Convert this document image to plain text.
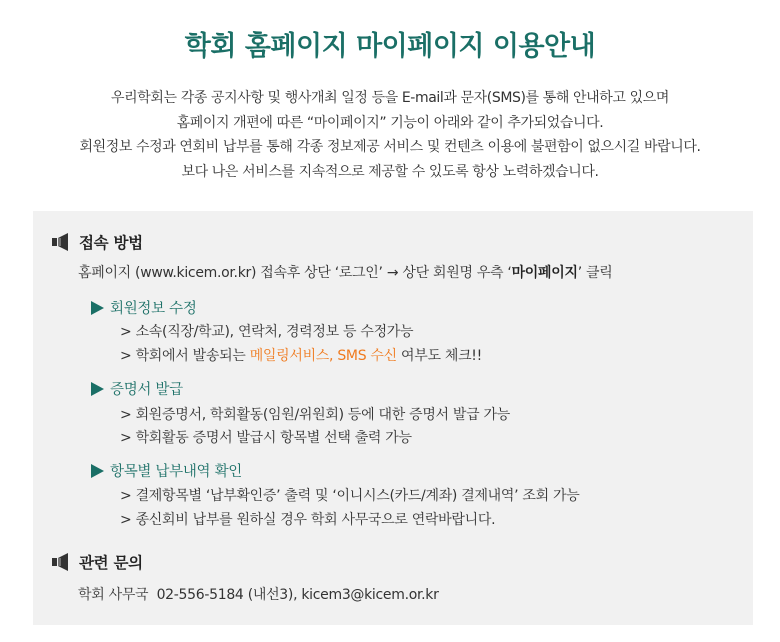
학회 홈페이지 마이페이지 이용안내
우리학회는 각종 공지사항 및 행사개최 일정 등을 E-mail과 문자(SMS)를 통해 안내하고 있으며
홈페이지 개편에 따른 “마이페이지” 기능이 아래와 같이 추가되었습니다.
회원정보 수정과 연회비 납부를 통해 각종 정보제공 서비스 및 컨텐츠 이용에 불편함이 없으시길 바랍니다.
보다 나은 서비스를 지속적으로 제공할 수 있도록 항상 노력하겠습니다.
접속 방법
홈페이지 (www.kicem.or.kr) 접속후 상단 ‘로그인’ → 상단 회원명 우측 ‘마이페이지’ 클릭
회원정보 수정
> 소속(직장/학교), 연락처, 경력정보 등 수정가능
> 학회에서 발송되는 메일링서비스, SMS 수신 여부도 체크!!
증명서 발급
> 회원증명서, 학회활동(임원/위원회) 등에 대한 증명서 발급 가능
> 학회활동 증명서 발급시 항목별 선택 출력 가능
항목별 납부내역 확인
> 결제항목별 ‘납부확인증’ 출력 및 ‘이니시스(카드/계좌) 결제내역’ 조회 가능
> 종신회비 납부를 원하실 경우 학회 사무국으로 연락바랍니다.
관련 문의
학회 사무국  02-556-5184 (내선3), kicem3@kicem.or.kr
